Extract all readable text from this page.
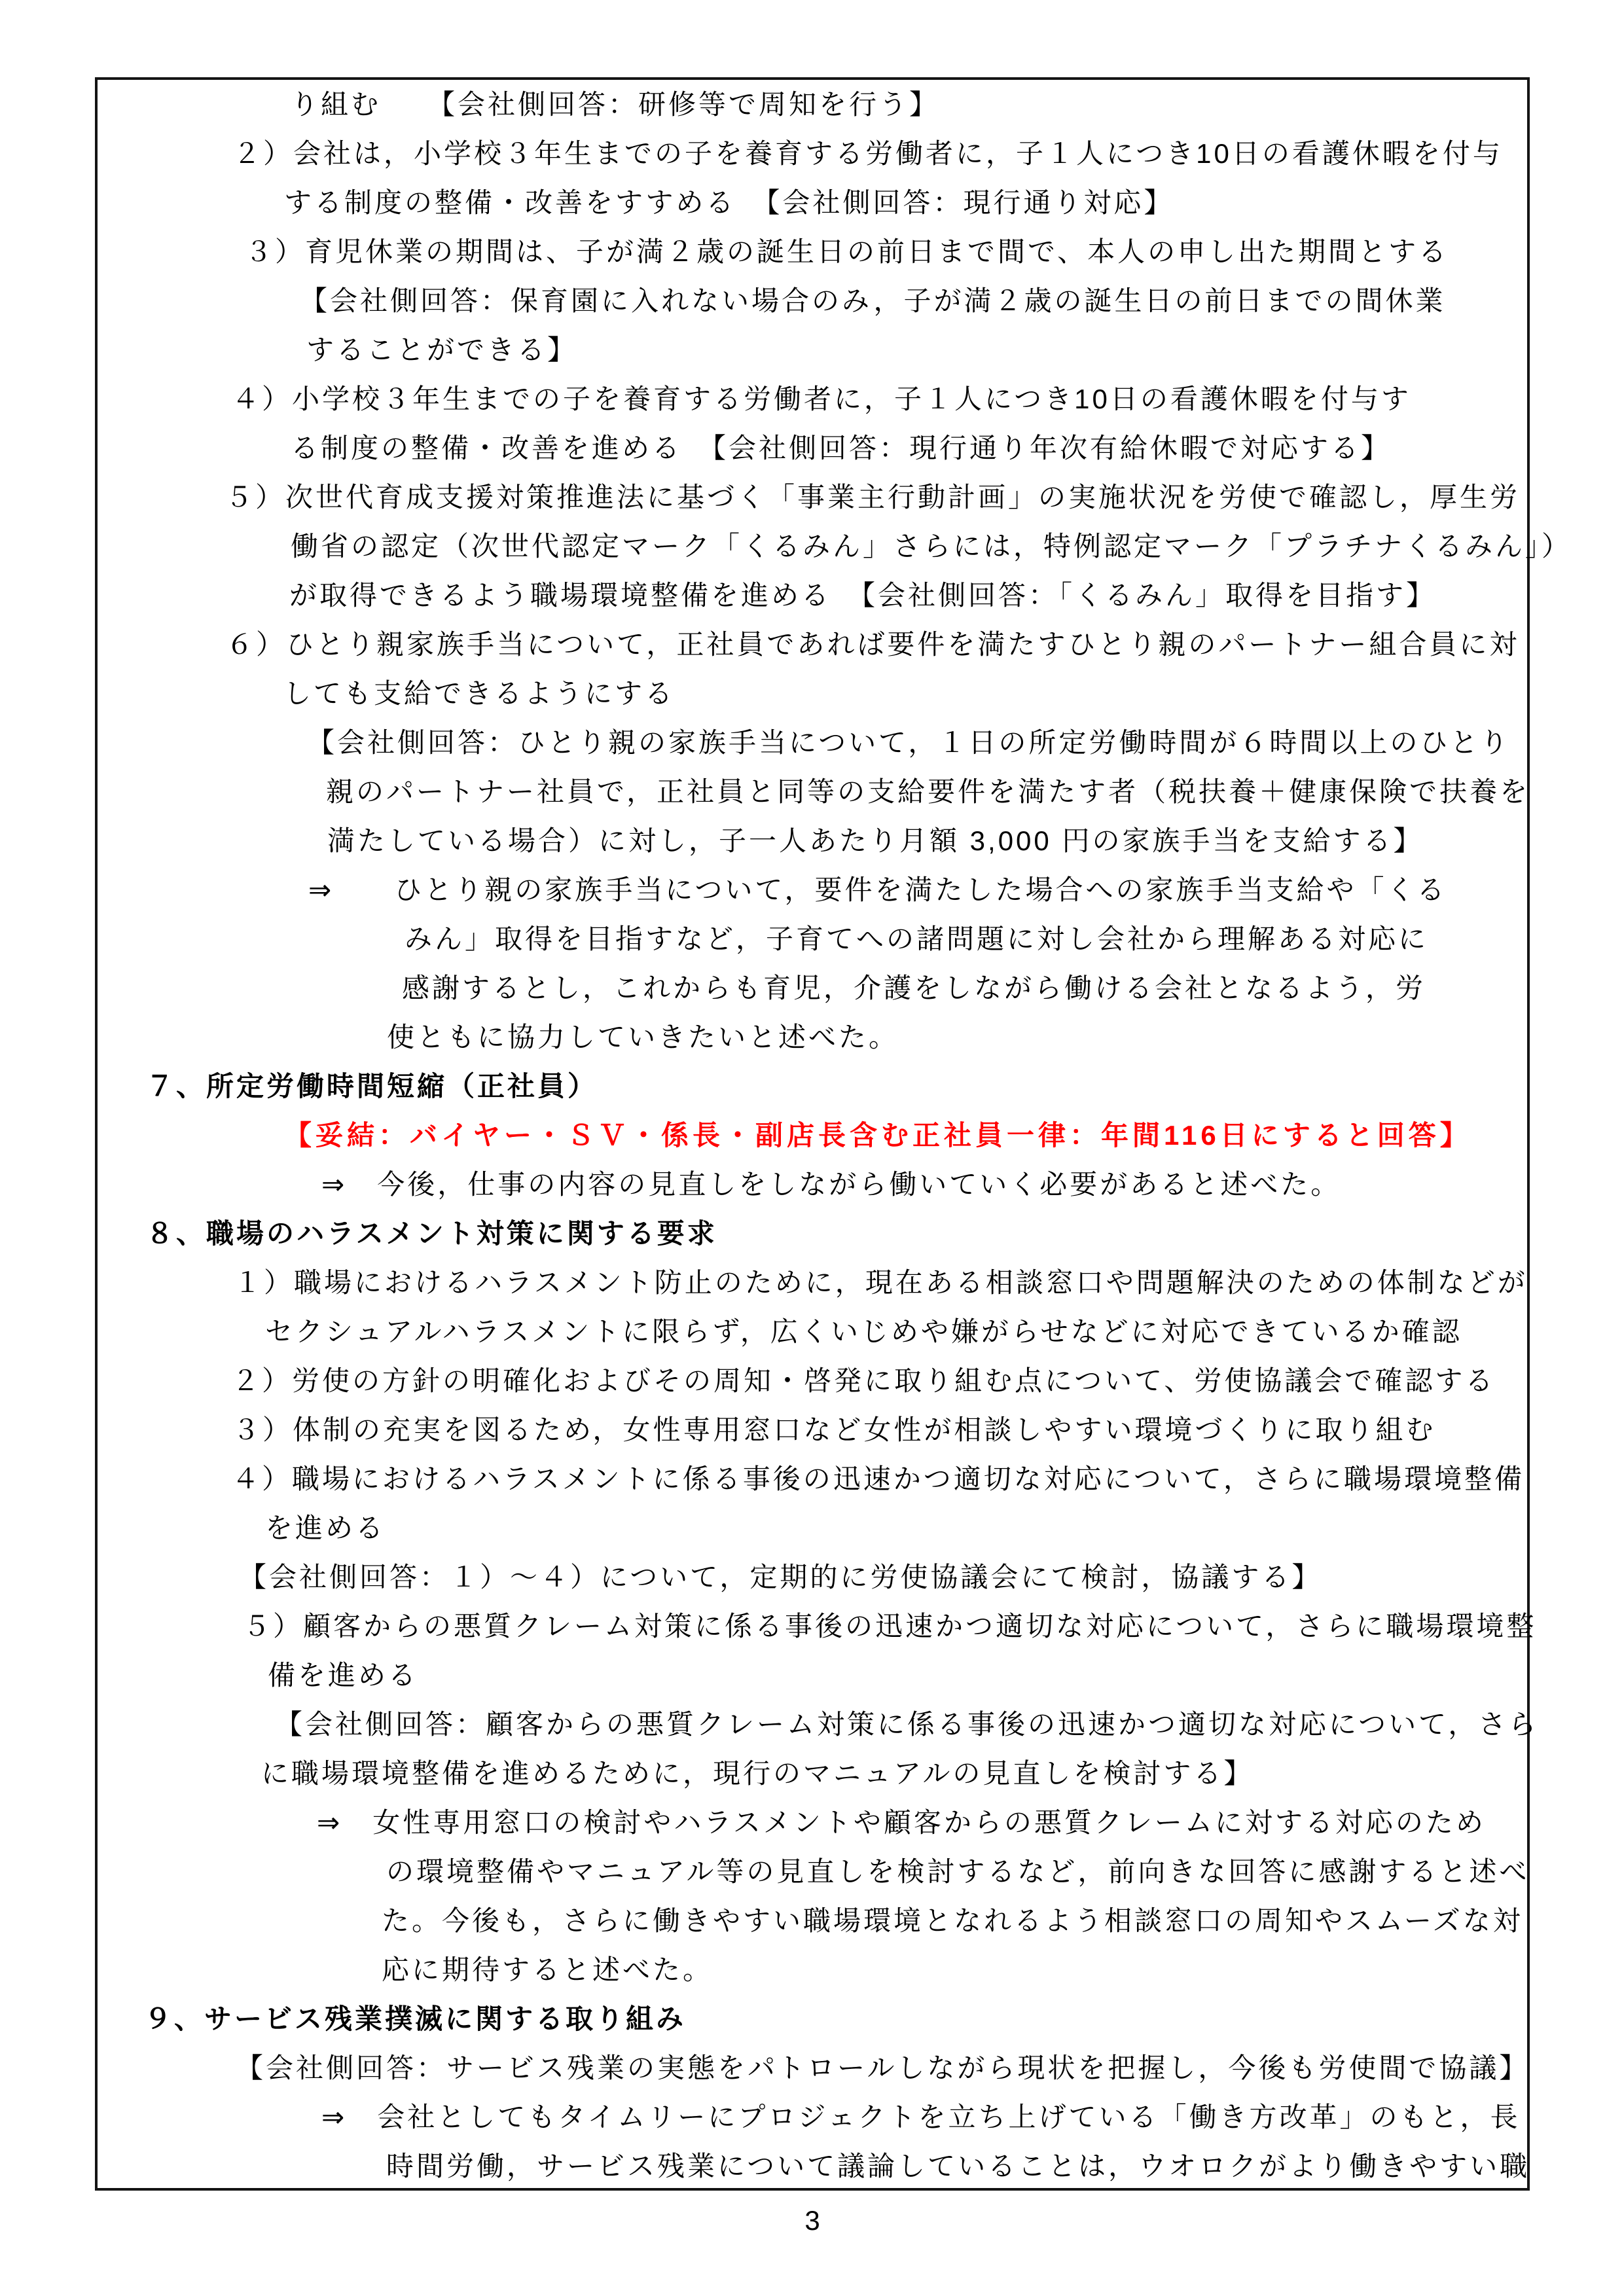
り組む　　【会社側回答：研修等で周知を行う】
２）会社は，小学校３年生までの子を養育する労働者に，子１人につき10日の看護休暇を付与
する制度の整備・改善をすすめる　【会社側回答：現行通り対応】
３）育児休業の期間は、子が満２歳の誕生日の前日まで間で、本人の申し出た期間とする
【会社側回答：保育園に入れない場合のみ，子が満２歳の誕生日の前日までの間休業
することができる】
４）小学校３年生までの子を養育する労働者に，子１人につき10日の看護休暇を付与す
る制度の整備・改善を進める　【会社側回答：現行通り年次有給休暇で対応する】
５）次世代育成支援対策推進法に基づく「事業主行動計画」の実施状況を労使で確認し，厚生労
働省の認定（次世代認定マーク「くるみん」さらには，特例認定マーク「プラチナくるみん」）
が取得できるよう職場環境整備を進める　【会社側回答：「くるみん」取得を目指す】
６）ひとり親家族手当について，正社員であれば要件を満たすひとり親のパートナー組合員に対
しても支給できるようにする
【会社側回答：ひとり親の家族手当について，１日の所定労働時間が６時間以上のひとり
親のパートナー社員で，正社員と同等の支給要件を満たす者（税扶養＋健康保険で扶養を
満たしている場合）に対し，子一人あたり月額 3,000 円の家族手当を支給する】
⇒　　ひとり親の家族手当について，要件を満たした場合への家族手当支給や「くる
みん」取得を目指すなど，子育てへの諸問題に対し会社から理解ある対応に
感謝するとし，これからも育児，介護をしながら働ける会社となるよう，労
使ともに協力していきたいと述べた。
７、所定労働時間短縮（正社員）
【妥結：バイヤー・ＳＶ・係長・副店長含む正社員一律：年間116日にすると回答】
⇒　今後，仕事の内容の見直しをしながら働いていく必要があると述べた。
８、職場のハラスメント対策に関する要求
１）職場におけるハラスメント防止のために，現在ある相談窓口や問題解決のための体制などが
セクシュアルハラスメントに限らず，広くいじめや嫌がらせなどに対応できているか確認
２）労使の方針の明確化およびその周知・啓発に取り組む点について、労使協議会で確認する
３）体制の充実を図るため，女性専用窓口など女性が相談しやすい環境づくりに取り組む
４）職場におけるハラスメントに係る事後の迅速かつ適切な対応について，さらに職場環境整備
を進める
【会社側回答：１）～４）について，定期的に労使協議会にて検討，協議する】
５）顧客からの悪質クレーム対策に係る事後の迅速かつ適切な対応について，さらに職場環境整
備を進める
【会社側回答：顧客からの悪質クレーム対策に係る事後の迅速かつ適切な対応について，さら
に職場環境整備を進めるために，現行のマニュアルの見直しを検討する】
⇒　女性専用窓口の検討やハラスメントや顧客からの悪質クレームに対する対応のため
の環境整備やマニュアル等の見直しを検討するなど，前向きな回答に感謝すると述べ
た。今後も，さらに働きやすい職場環境となれるよう相談窓口の周知やスムーズな対
応に期待すると述べた。
９、サービス残業撲滅に関する取り組み
【会社側回答：サービス残業の実態をパトロールしながら現状を把握し，今後も労使間で協議】
⇒　会社としてもタイムリーにプロジェクトを立ち上げている「働き方改革」のもと，長
時間労働，サービス残業について議論していることは，ウオロクがより働きやすい職
3
